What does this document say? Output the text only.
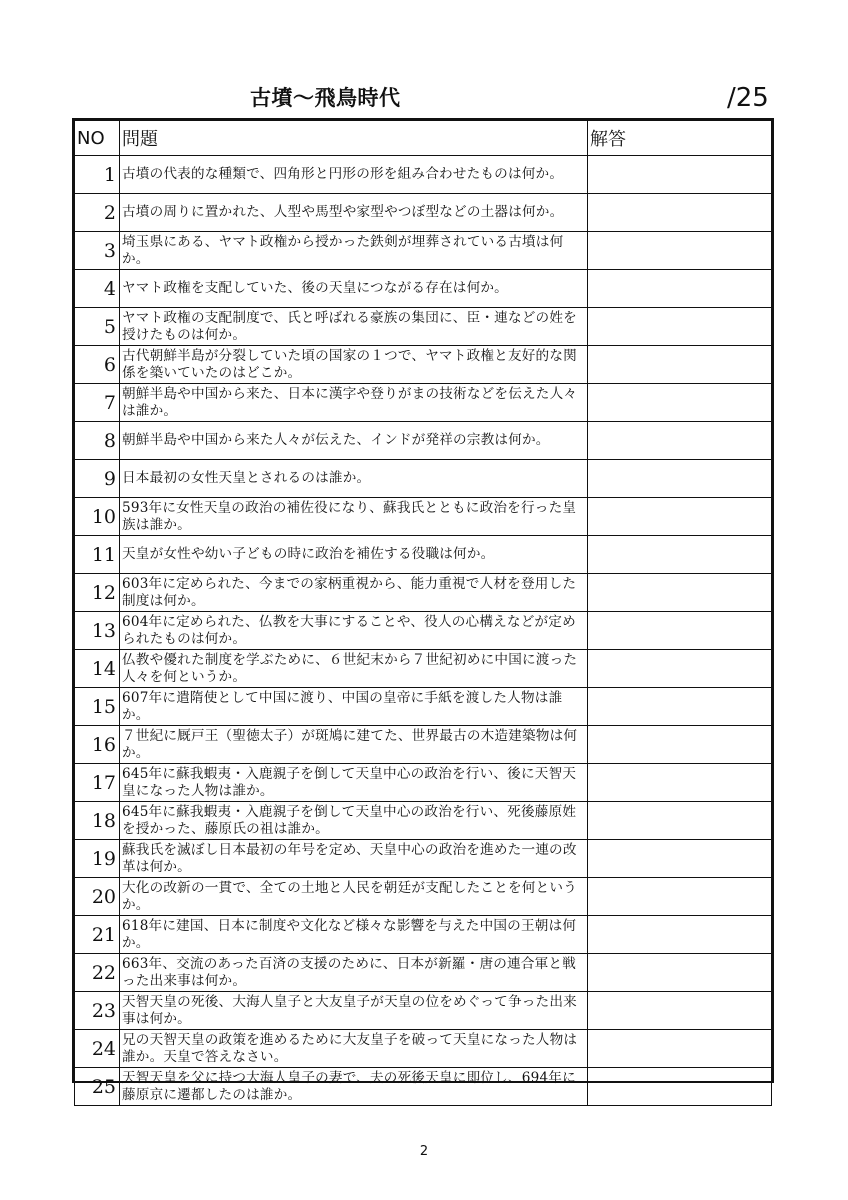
古墳〜飛鳥時代	/25
NO	問題	解答
1	古墳の代表的な種類で、四角形と円形の形を組み合わせたものは何か。	
2	古墳の周りに置かれた、人型や馬型や家型やつぼ型などの土器は何か。	
3	埼玉県にある、ヤマト政権から授かった鉄剣が埋葬されている古墳は何か。	
4	ヤマト政権を支配していた、後の天皇につながる存在は何か。	
5	ヤマト政権の支配制度で、氏と呼ばれる豪族の集団に、臣・連などの姓を授けたものは何か。	
6	古代朝鮮半島が分裂していた頃の国家の１つで、ヤマト政権と友好的な関係を築いていたのはどこか。	
7	朝鮮半島や中国から来た、日本に漢字や登りがまの技術などを伝えた人々は誰か。	
8	朝鮮半島や中国から来た人々が伝えた、インドが発祥の宗教は何か。	
9	日本最初の女性天皇とされるのは誰か。	
10	593年に女性天皇の政治の補佐役になり、蘇我氏とともに政治を行った皇族は誰か。	
11	天皇が女性や幼い子どもの時に政治を補佐する役職は何か。	
12	603年に定められた、今までの家柄重視から、能力重視で人材を登用した制度は何か。	
13	604年に定められた、仏教を大事にすることや、役人の心構えなどが定められたものは何か。	
14	仏教や優れた制度を学ぶために、６世紀末から７世紀初めに中国に渡った人々を何というか。	
15	607年に遣隋使として中国に渡り、中国の皇帝に手紙を渡した人物は誰か。	
16	７世紀に厩戸王（聖徳太子）が斑鳩に建てた、世界最古の木造建築物は何か。	
17	645年に蘇我蝦夷・入鹿親子を倒して天皇中心の政治を行い、後に天智天皇になった人物は誰か。	
18	645年に蘇我蝦夷・入鹿親子を倒して天皇中心の政治を行い、死後藤原姓を授かった、藤原氏の祖は誰か。	
19	蘇我氏を滅ぼし日本最初の年号を定め、天皇中心の政治を進めた一連の改革は何か。	
20	大化の改新の一貫で、全ての土地と人民を朝廷が支配したことを何というか。	
21	618年に建国、日本に制度や文化など様々な影響を与えた中国の王朝は何か。	
22	663年、交流のあった百済の支援のために、日本が新羅・唐の連合軍と戦った出来事は何か。	
23	天智天皇の死後、大海人皇子と大友皇子が天皇の位をめぐって争った出来事は何か。	
24	兄の天智天皇の政策を進めるために大友皇子を破って天皇になった人物は誰か。天皇で答えなさい。	
25	天智天皇を父に持つ大海人皇子の妻で、夫の死後天皇に即位し、694年に藤原京に遷都したのは誰か。	
2
